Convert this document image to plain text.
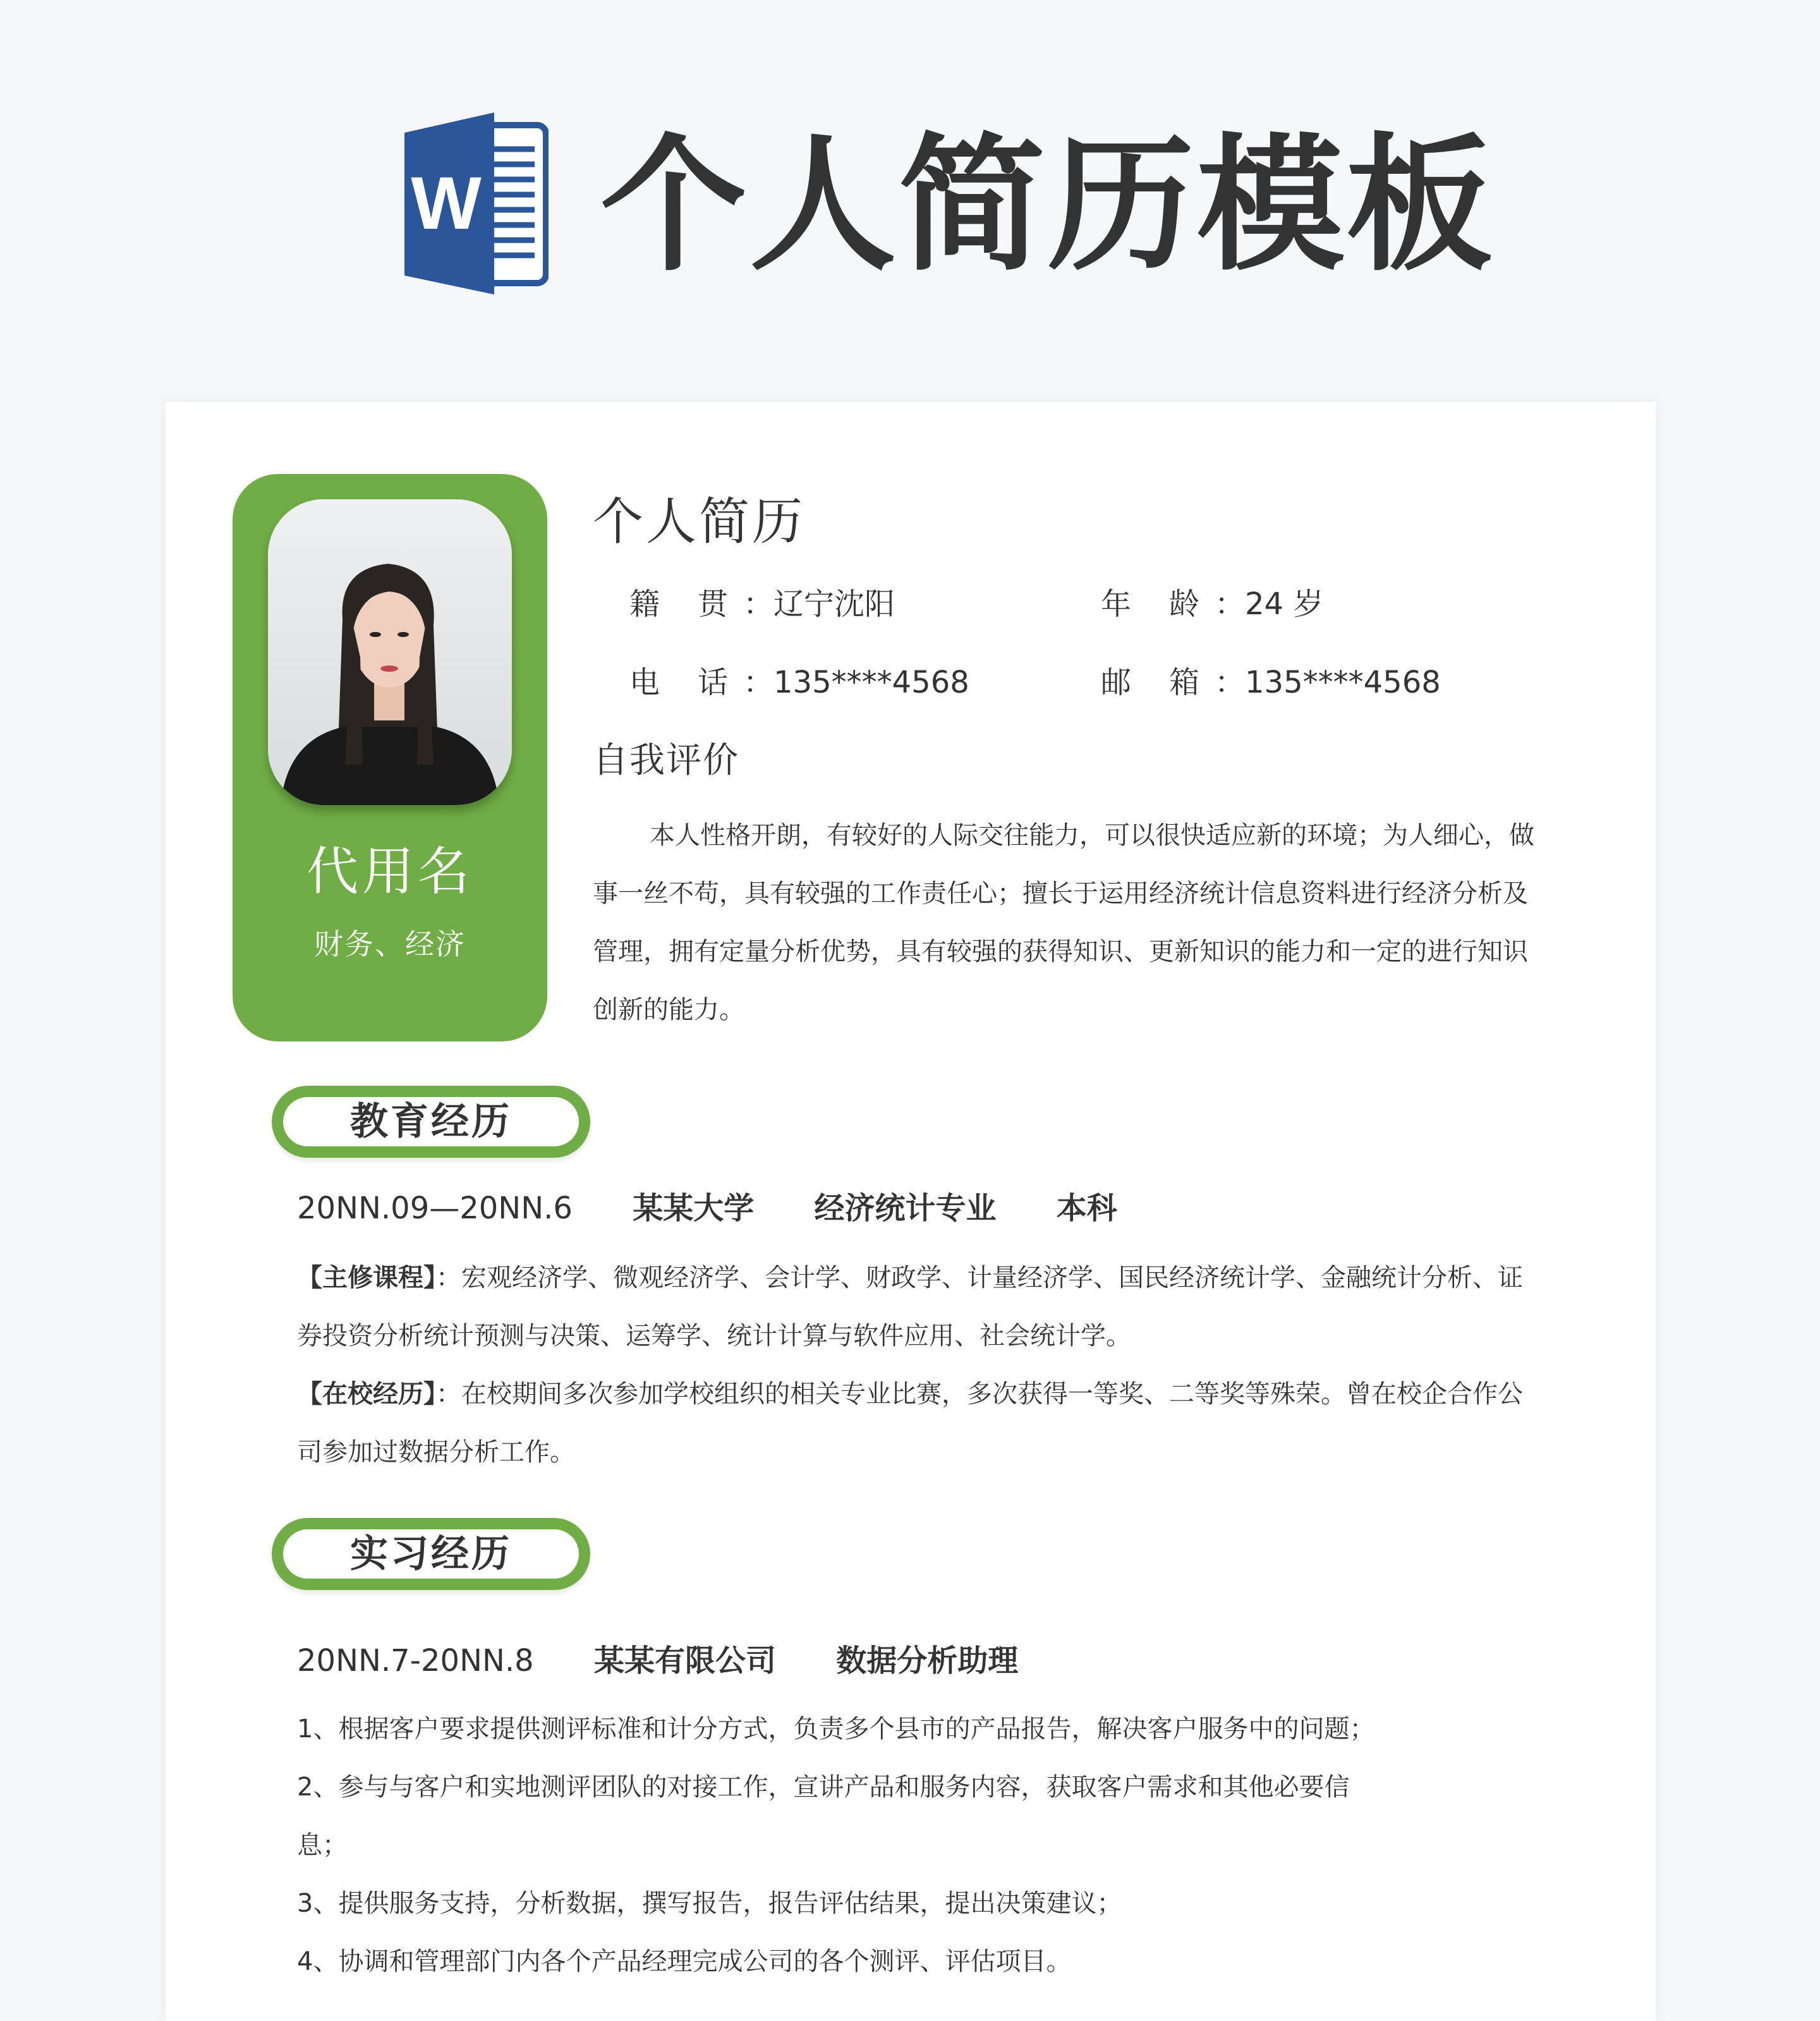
W 个人简历模板
代用名
财务、经济
个人简历
籍　贯 ：辽宁沈阳	年　龄 ：24 岁
电　话 ：135****4568	邮　箱 ：135****4568
自我评价

本人性格开朗，有较好的人际交往能力，可以很快适应新的环境；为人细心，做事一丝不苟，具有较强的工作责任心；擅长于运用经济统计信息资料进行经济分析及管理，拥有定量分析优势，具有较强的获得知识、更新知识的能力和一定的进行知识创新的能力。

教育经历
20NN.09—20NN.6 某某大学 经济统计专业 本科

【主修课程】：宏观经济学、微观经济学、会计学、财政学、计量经济学、国民经济统计学、金融统计分析、证券投资分析统计预测与决策、运筹学、统计计算与软件应用、社会统计学。

【在校经历】：在校期间多次参加学校组织的相关专业比赛，多次获得一等奖、二等奖等殊荣。曾在校企合作公司参加过数据分析工作。

实习经历
20NN.7-20NN.8 某某有限公司 数据分析助理
1、根据客户要求提供测评标准和计分方式，负责多个县市的产品报告，解决客户服务中的问题；
2、参与与客户和实地测评团队的对接工作，宣讲产品和服务内容，获取客户需求和其他必要信
息；
3、提供服务支持，分析数据，撰写报告，报告评估结果，提出决策建议；
4、协调和管理部门内各个产品经理完成公司的各个测评、评估项目。
